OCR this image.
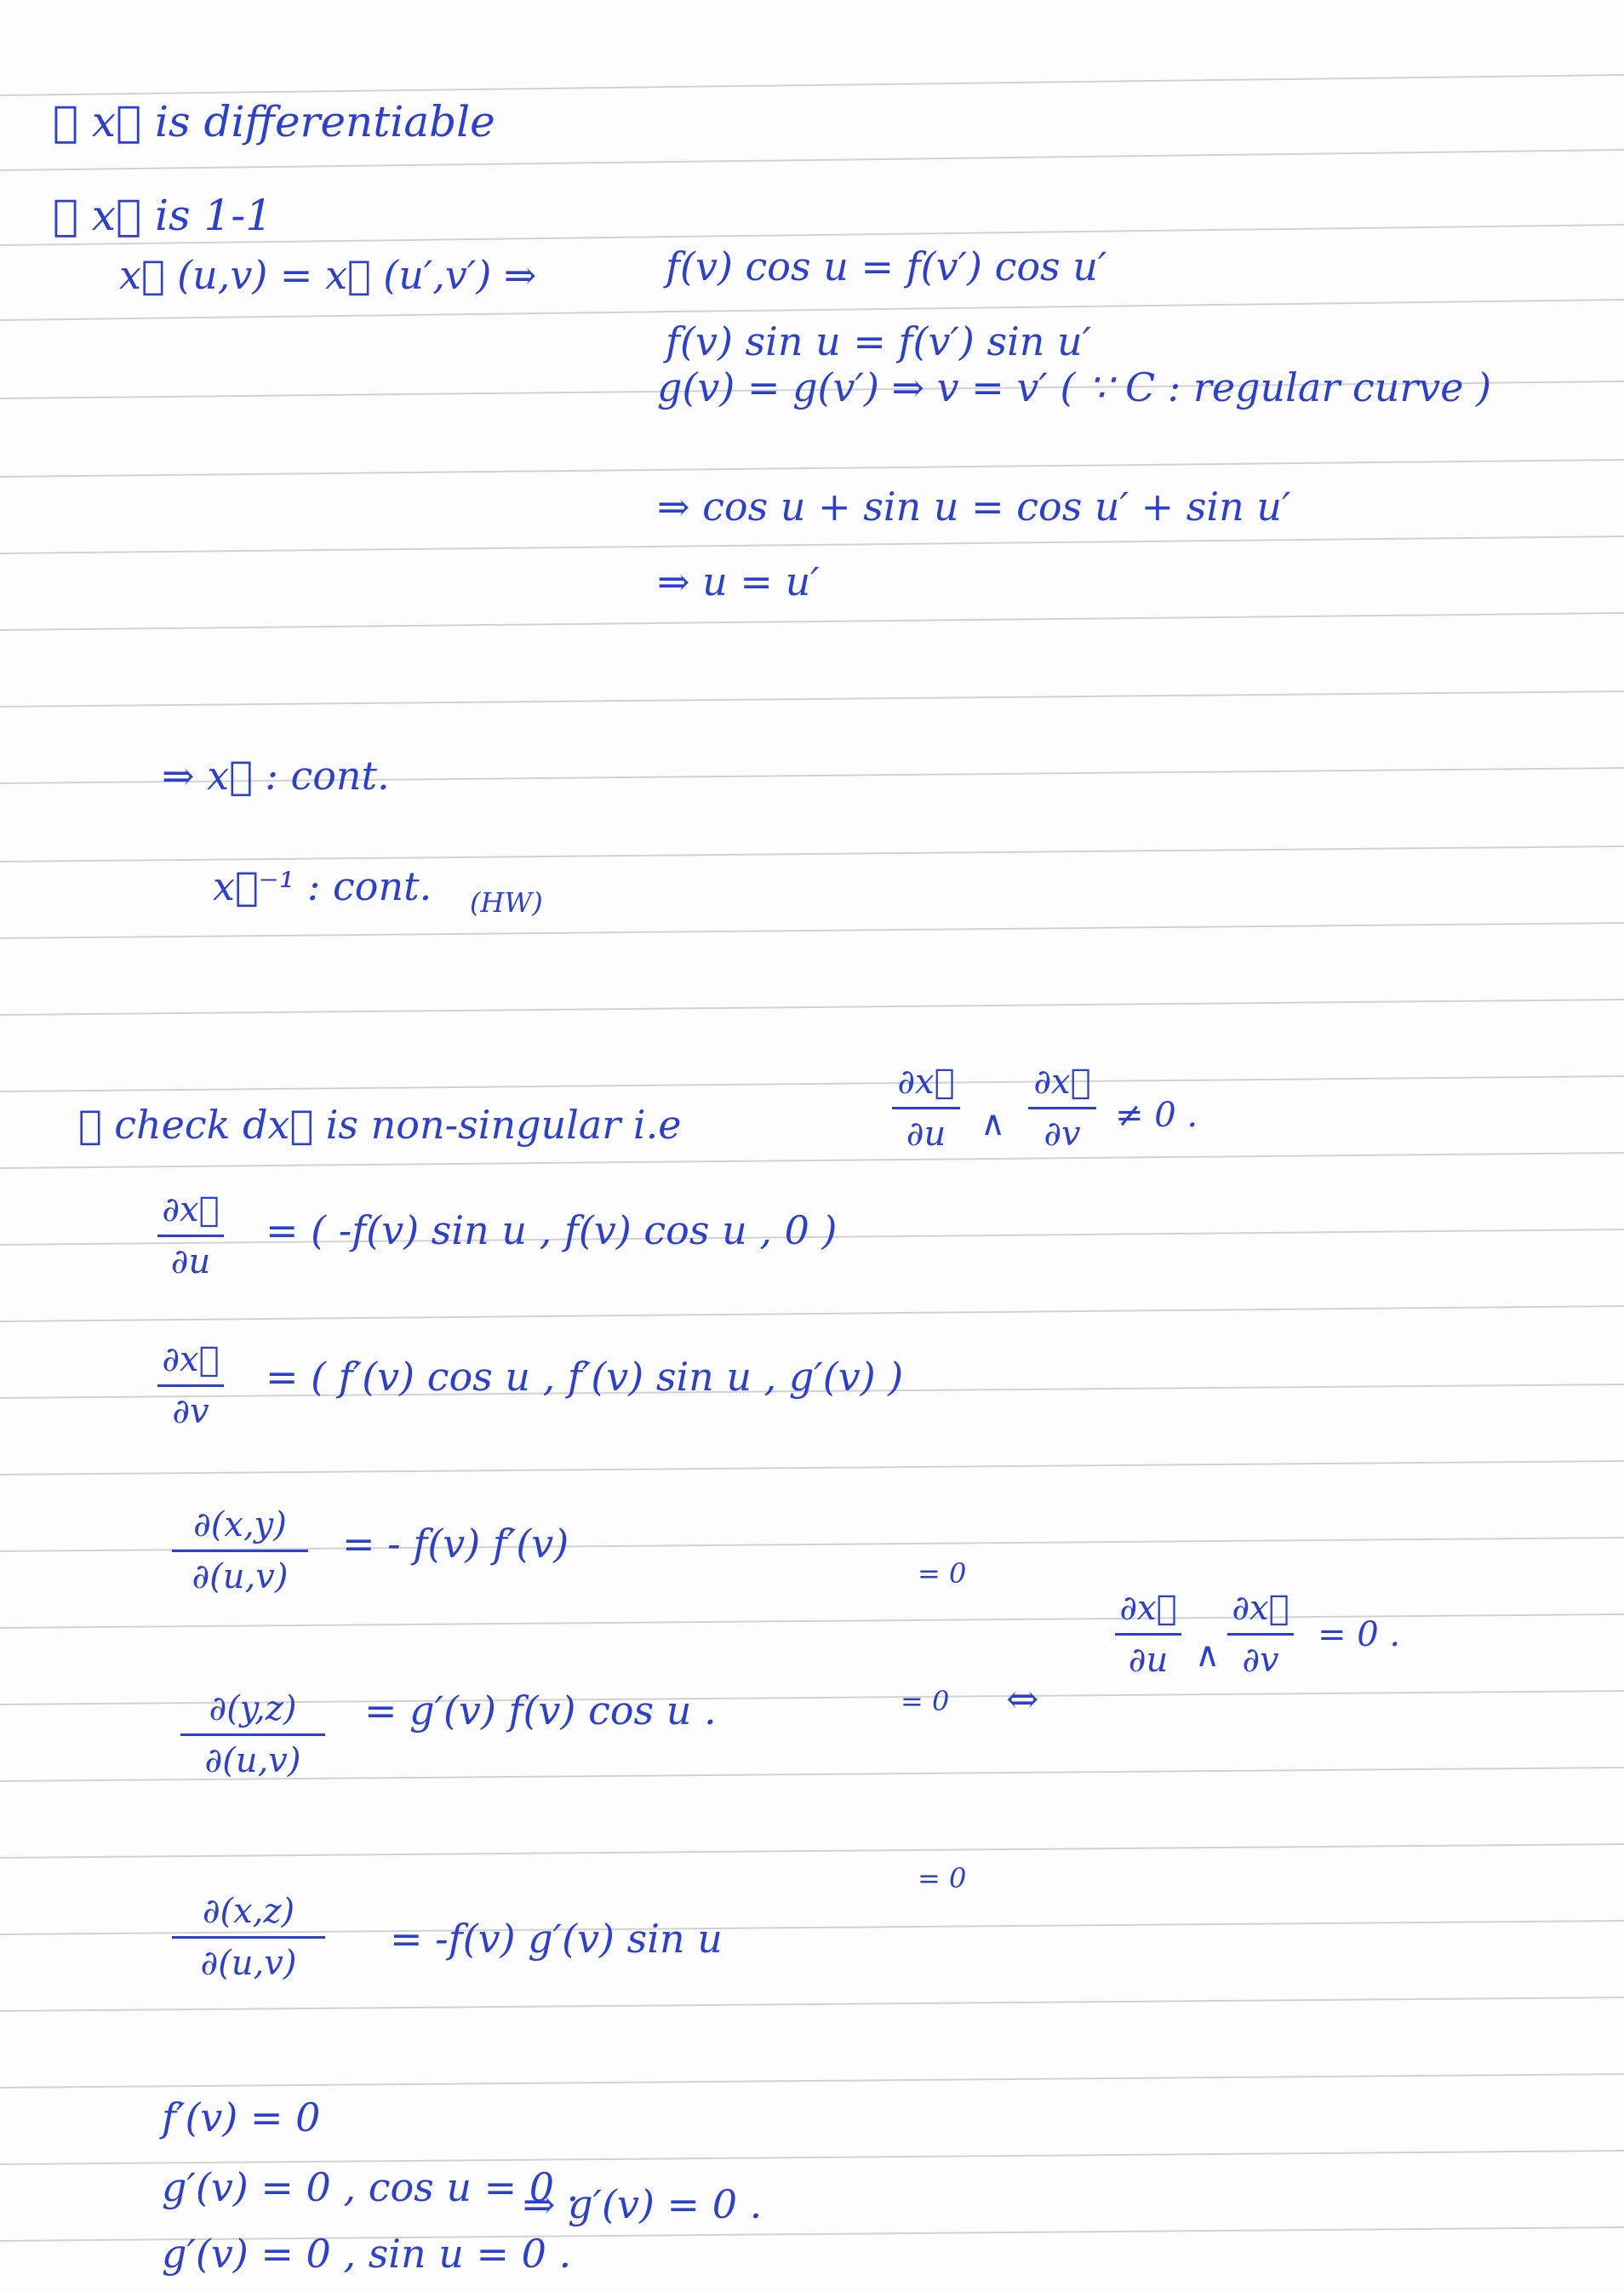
① x⃗ is differentiable
② x⃗ is 1-1
x⃗ (u,v) = x⃗ (u′,v′) ⇒	f(v) cos u = f(v′) cos u′
f(v) sin u = f(v′) sin u′
g(v) = g(v′) ⇒ v = v′ ( ∵ C : regular curve )
⇒ cos u + sin u = cos u′ + sin u′
⇒ u = u′
⇒ x⃗ : cont.
x⃗⁻¹ : cont. (HW)
③ check dx⃗ is non-singular i.e
∂x⃗
∂u	∧
∂x⃗
∂v	≠ 0 .
∂x⃗
∂u
= ( -f(v) sin u , f(v) cos u , 0 )
∂x⃗
∂v
= ( f′(v) cos u , f′(v) sin u , g′(v) )
∂(x,y)
∂(u,v)
= - f(v) f′(v)
= 0
∂(y,z)
∂(u,v)
= g′(v) f(v) cos u .	= 0 ⇔
∂x⃗
∂u ∧
∂x⃗
∂v
= 0 .
∂(x,z)
∂(u,v)
= -f(v) g′(v) sin u
= 0
f′(v) = 0
g′(v) = 0 , cos u = 0 .
g′(v) = 0 , sin u = 0 .
⇒ g′(v) = 0 .
